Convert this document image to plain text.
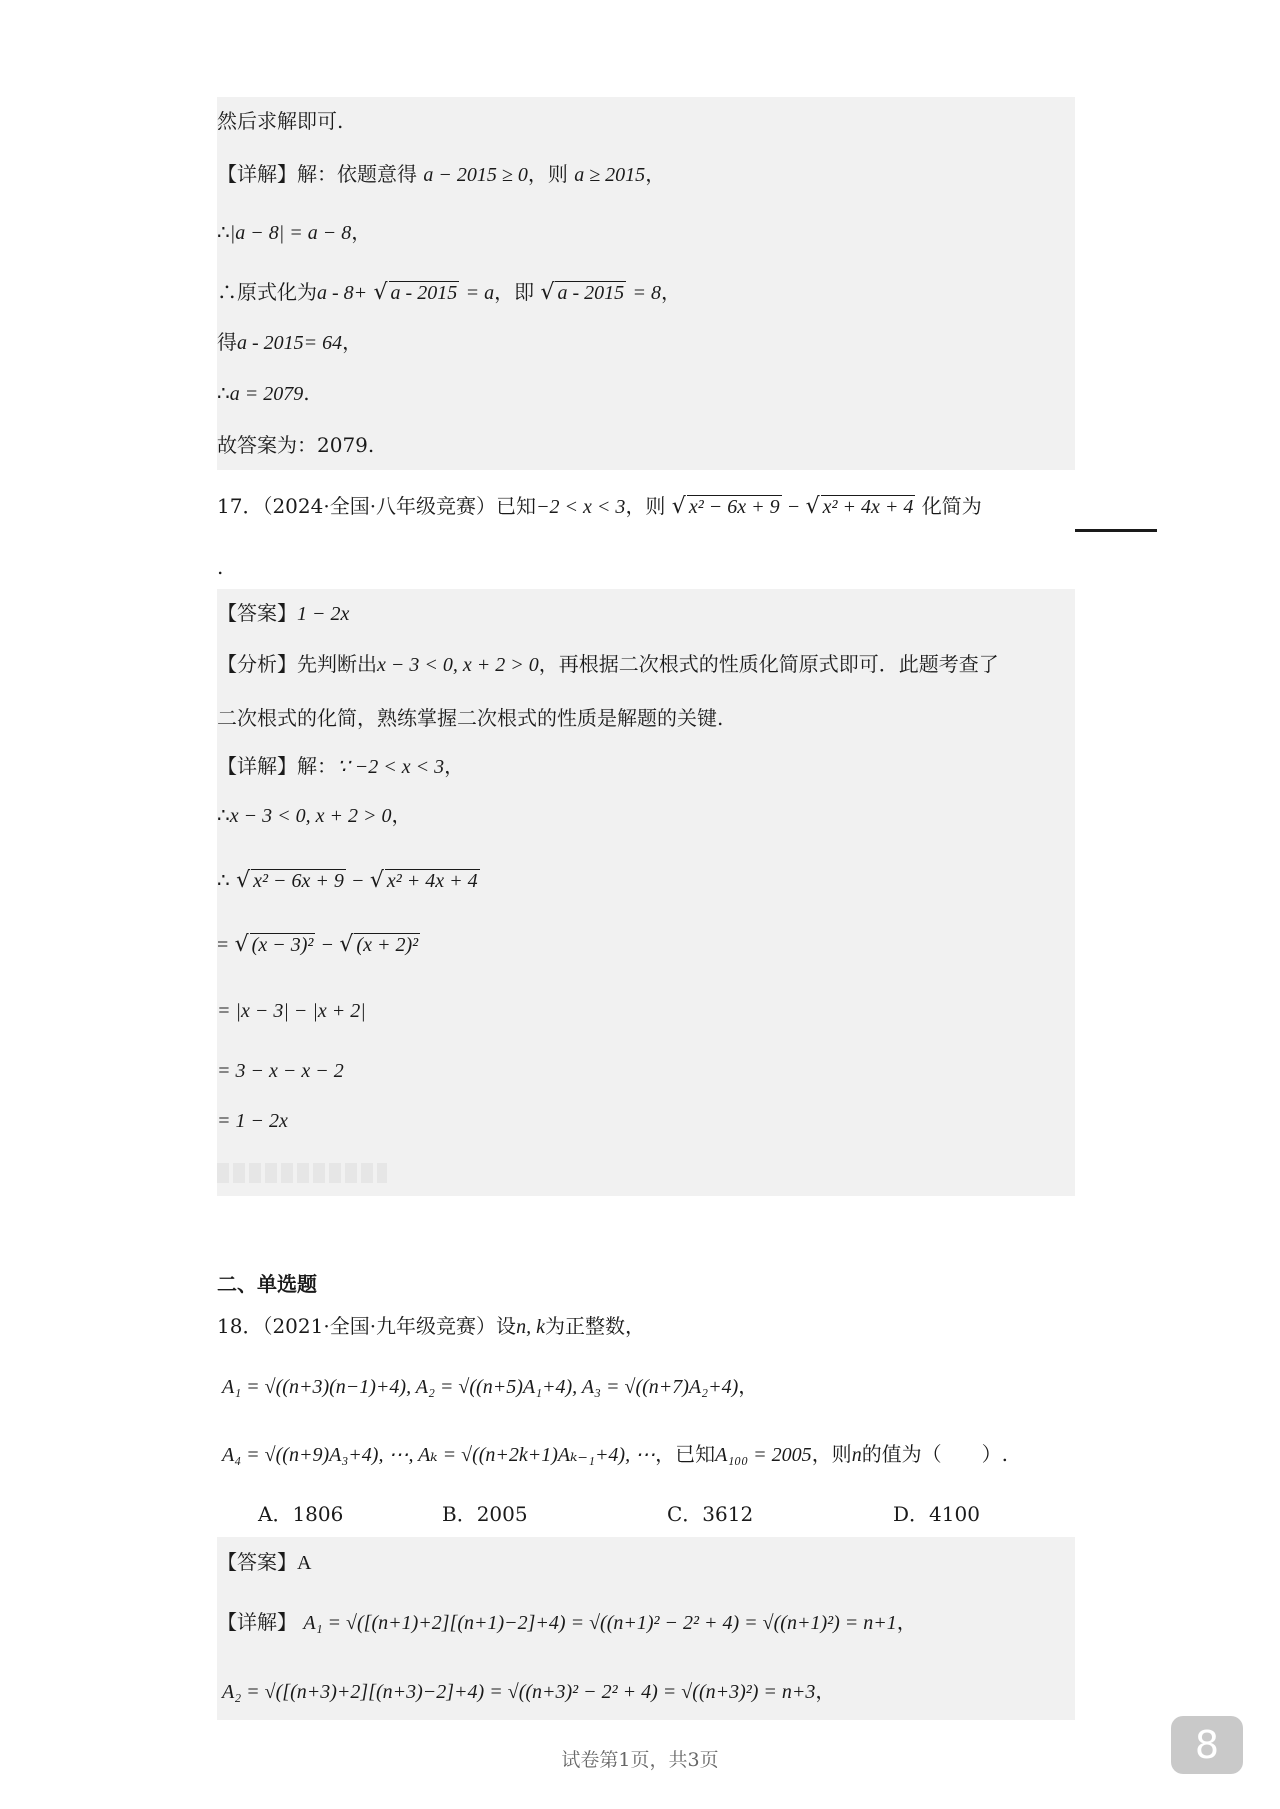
然后求解即可.
【详解】解：依题意得 a − 2015 ≥ 0，则 a ≥ 2015，
∴|a − 8| = a − 8，
∴原式化为a - 8+ √ a - 2015 = a，即 √ a - 2015 = 8，
得a - 2015= 64，
∴a = 2079.
故答案为：2079.
17．（2024·全国·八年级竞赛）已知−2 < x < 3，则 √ x² − 6x + 9 − √ x² + 4x + 4 化简为
.
【答案】1 − 2x
【分析】先判断出x − 3 < 0, x + 2 > 0，再根据二次根式的性质化简原式即可．此题考查了
二次根式的化简，熟练掌握二次根式的性质是解题的关键.
【详解】解：∵ −2 < x < 3，
∴x − 3 < 0, x + 2 > 0，
∴ √ x² − 6x + 9 − √ x² + 4x + 4
= √ (x − 3)² − √ (x + 2)²
= |x − 3| − |x + 2|
= 3 − x − x − 2
= 1 − 2x
二、单选题
18．（2021·全国·九年级竞赛）设n, k为正整数，
A₁ = √((n+3)(n−1)+4), A₂ = √((n+5)A₁+4), A₃ = √((n+7)A₂+4)，
A₄ = √((n+9)A₃+4), ⋯, Aₖ = √((n+2k+1)Aₖ₋₁+4), ⋯，已知A₁₀₀ = 2005，则n的值为（　　）.
A．1806	B．2005	C．3612	D．4100
【答案】A
【详解】 A₁ = √([(n+1)+2][(n+1)−2]+4) = √((n+1)² − 2² + 4) = √((n+1)²) = n+1，
A₂ = √([(n+3)+2][(n+3)−2]+4) = √((n+3)² − 2² + 4) = √((n+3)²) = n+3，
试卷第1页，共3页	8
